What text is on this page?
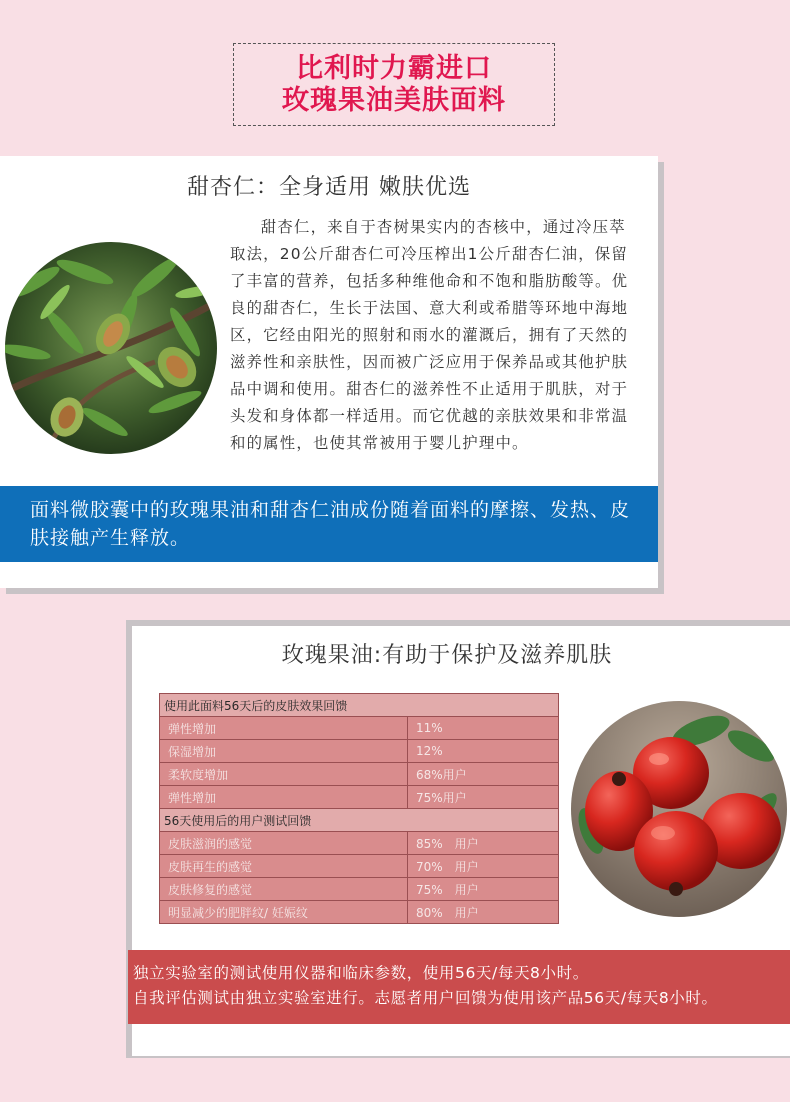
比利时力霸进口
玫瑰果油美肤面料
甜杏仁：全身适用 嫩肤优选
甜杏仁，来自于杏树果实内的杏核中，通过冷压萃取法，20公斤甜杏仁可冷压榨出1公斤甜杏仁油，保留了丰富的营养，包括多种维他命和不饱和脂肪酸等。优良的甜杏仁，生长于法国、意大利或希腊等环地中海地区，它经由阳光的照射和雨水的灌溉后，拥有了天然的滋养性和亲肤性，因而被广泛应用于保养品或其他护肤品中调和使用。甜杏仁的滋养性不止适用于肌肤，对于头发和身体都一样适用。而它优越的亲肤效果和非常温和的属性，也使其常被用于婴儿护理中。
面料微胶囊中的玫瑰果油和甜杏仁油成份随着面料的摩擦、发热、皮肤接触产生释放。
玫瑰果油:有助于保护及滋养肌肤
使用此面料56天后的皮肤效果回馈	
弹性增加	11%
保湿增加	12%
柔软度增加	68%用户
弹性增加	75%用户
56天使用后的用户测试回馈	
皮肤滋润的感觉	85%　用户
皮肤再生的感觉	70%　用户
皮肤修复的感觉	75%　用户
明显减少的肥胖纹/ 妊娠纹	80%　用户
独立实验室的测试使用仪器和临床参数，使用56天/每天8小时。
自我评估测试由独立实验室进行。志愿者用户回馈为使用该产品56天/每天8小时。
